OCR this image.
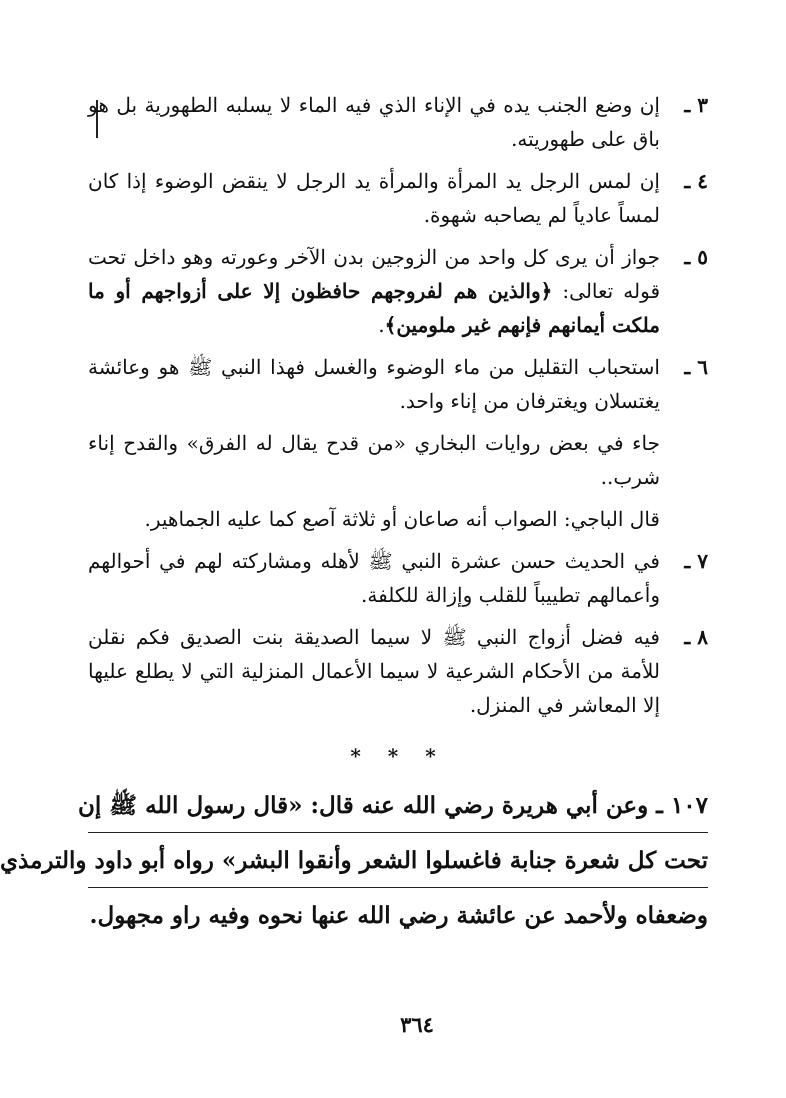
٣ ـ
إن وضع الجنب يده في الإناء الذي فيه الماء لا يسلبه الطهورية بل هو باق على طهوريته.
٤ ـ
إن لمس الرجل يد المرأة والمرأة يد الرجل لا ينقض الوضوء إذا كان لمساً عادياً لم يصاحبه شهوة.
٥ ـ
جواز أن يرى كل واحد من الزوجين بدن الآخر وعورته وهو داخل تحت قوله تعالى: ﴿والذين هم لفروجهم حافظون إلا على أزواجهم أو ما ملكت أيمانهم فإنهم غير ملومين﴾.
٦ ـ
استحباب التقليل من ماء الوضوء والغسل فهذا النبي ﷺ هو وعائشة يغتسلان ويغترفان من إناء واحد.
جاء في بعض روايات البخاري «من قدح يقال له الفرق» والقدح إناء شرب..
قال الباجي: الصواب أنه صاعان أو ثلاثة آصع كما عليه الجماهير.
٧ ـ
في الحديث حسن عشرة النبي ﷺ لأهله ومشاركته لهم في أحوالهم وأعمالهم تطييباً للقلب وإزالة للكلفة.
٨ ـ
فيه فضل أزواج النبي ﷺ لا سيما الصديقة بنت الصديق فكم نقلن للأمة من الأحكام الشرعية لا سيما الأعمال المنزلية التي لا يطلع عليها إلا المعاشر في المنزل.
* * *
١٠٧ ـ وعن أبي هريرة رضي الله عنه قال: «قال رسول الله ﷺ إن
تحت كل شعرة جنابة فاغسلوا الشعر وأنقوا البشر» رواه أبو داود والترمذي
وضعفاه ولأحمد عن عائشة رضي الله عنها نحوه وفيه راو مجهول.
٣٦٤
